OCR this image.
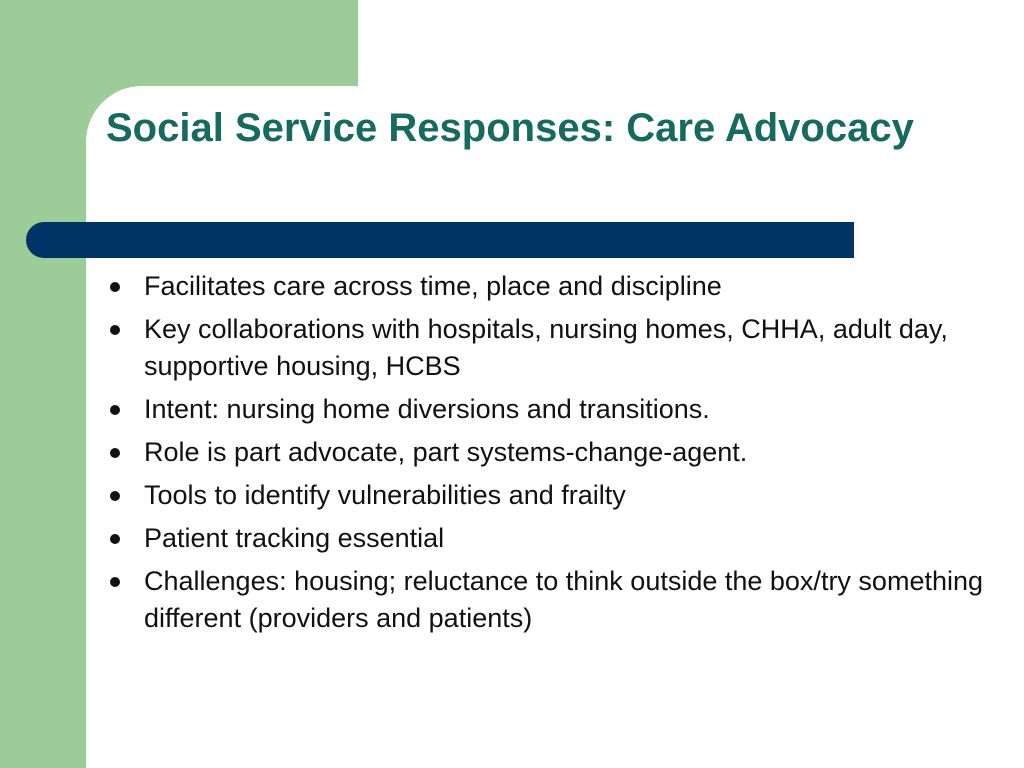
Social Service Responses: Care Advocacy
Facilitates care across time, place and discipline
Key collaborations with hospitals, nursing homes, CHHA, adult day, supportive housing, HCBS
Intent: nursing home diversions and transitions.
Role is part advocate, part systems-change-agent.
Tools to identify vulnerabilities and frailty
Patient tracking essential
Challenges: housing; reluctance to think outside the box/try something different (providers and patients)
